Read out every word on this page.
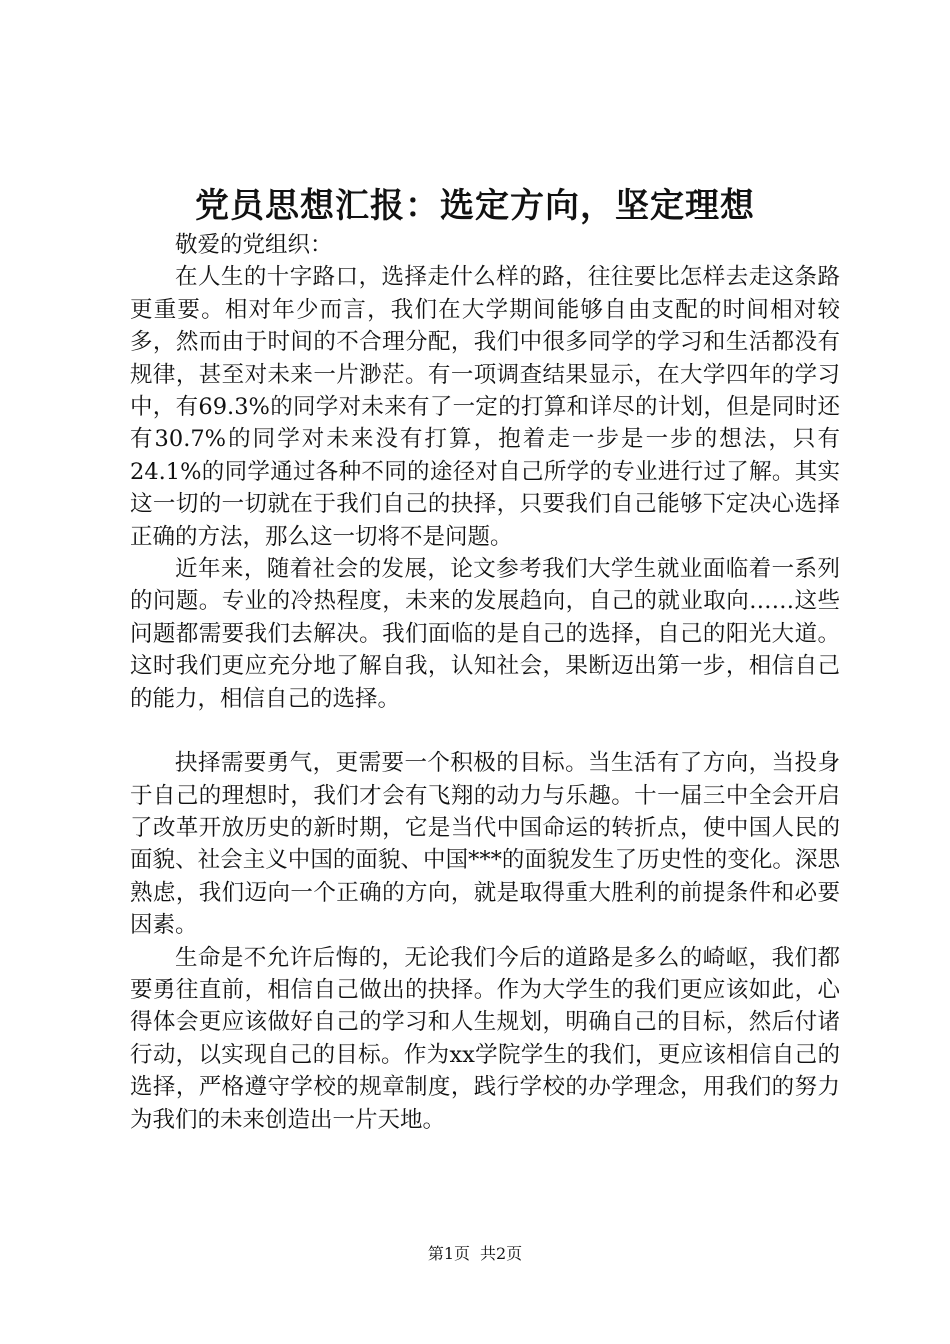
党员思想汇报：选定方向，坚定理想

敬爱的党组织：

在人生的十字路口，选择走什么样的路，往往要比怎样去走这条路更重要。相对年少而言，我们在大学期间能够自由支配的时间相对较多，然而由于时间的不合理分配，我们中很多同学的学习和生活都没有规律，甚至对未来一片渺茫。有一项调查结果显示，在大学四年的学习中，有69.3%的同学对未来有了一定的打算和详尽的计划，但是同时还有30.7%的同学对未来没有打算，抱着走一步是一步的想法，只有24.1%的同学通过各种不同的途径对自己所学的专业进行过了解。其实这一切的一切就在于我们自己的抉择，只要我们自己能够下定决心选择正确的方法，那么这一切将不是问题。

近年来，随着社会的发展，论文参考我们大学生就业面临着一系列的问题。专业的冷热程度，未来的发展趋向，自己的就业取向……这些问题都需要我们去解决。我们面临的是自己的选择，自己的阳光大道。这时我们更应充分地了解自我，认知社会，果断迈出第一步，相信自己的能力，相信自己的选择。

抉择需要勇气，更需要一个积极的目标。当生活有了方向，当投身于自己的理想时，我们才会有飞翔的动力与乐趣。十一届三中全会开启了改革开放历史的新时期，它是当代中国命运的转折点，使中国人民的面貌、社会主义中国的面貌、中国***的面貌发生了历史性的变化。深思熟虑，我们迈向一个正确的方向，就是取得重大胜利的前提条件和必要因素。

生命是不允许后悔的，无论我们今后的道路是多么的崎岖，我们都要勇往直前，相信自己做出的抉择。作为大学生的我们更应该如此，心得体会更应该做好自己的学习和人生规划，明确自己的目标，然后付诸行动，以实现自己的目标。作为xx学院学生的我们，更应该相信自己的选择，严格遵守学校的规章制度，践行学校的办学理念，用我们的努力为我们的未来创造出一片天地。

第1页 共2页
